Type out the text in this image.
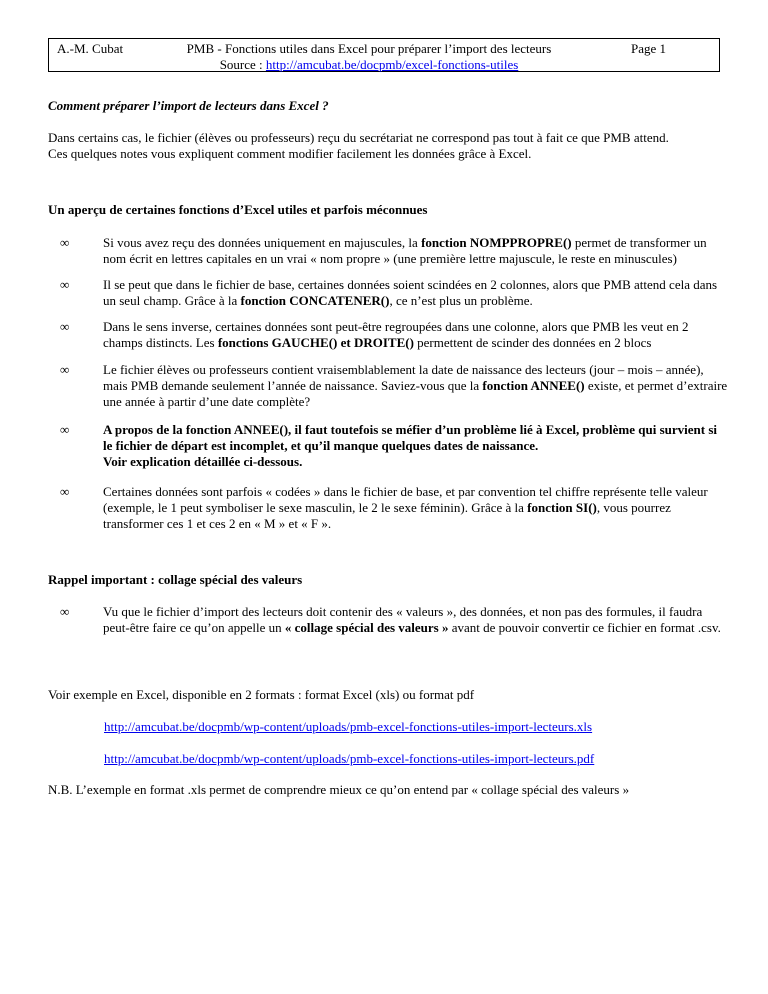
A.-M. Cubat	PMB - Fonctions utiles dans Excel pour préparer l’import des lecteurs
Source : http://amcubat.be/docpmb/excel-fonctions-utiles
Page 1
Comment préparer l’import de lecteurs dans Excel ?
Dans certains cas, le fichier (élèves ou professeurs) reçu du secrétariat ne correspond pas tout à fait ce que PMB attend.
Ces quelques notes vous expliquent comment modifier facilement les données grâce à Excel.
Un aperçu de certaines fonctions d’Excel utiles et parfois méconnues
∞	Si vous avez reçu des données uniquement en majuscules, la fonction NOMPPROPRE() permet de transformer un nom écrit en lettres capitales en un vrai « nom propre » (une première lettre majuscule, le reste en minuscules)
∞	Il se peut que dans le fichier de base, certaines données soient scindées en 2 colonnes, alors que PMB attend cela dans un seul champ. Grâce à la fonction CONCATENER(), ce n’est plus un problème.
∞	Dans le sens inverse, certaines données sont peut-être regroupées dans une colonne, alors que PMB les veut en 2 champs distincts. Les fonctions GAUCHE() et DROITE() permettent de scinder des données en 2 blocs
∞	Le fichier élèves ou professeurs contient vraisemblablement la date de naissance des lecteurs (jour – mois – année), mais PMB demande seulement l’année de naissance. Saviez-vous que la fonction ANNEE() existe, et permet d’extraire une année à partir d’une date complète?
∞	A propos de la fonction ANNEE(), il faut toutefois se méfier d’un problème lié à Excel, problème qui survient si le fichier de départ est incomplet, et qu’il manque quelques dates de naissance.
Voir explication détaillée ci-dessous.
∞	Certaines données sont parfois « codées » dans le fichier de base, et par convention tel chiffre représente telle valeur (exemple, le 1 peut symboliser le sexe masculin, le 2 le sexe féminin). Grâce à la fonction SI(), vous pourrez transformer ces 1 et ces 2 en « M » et « F ».
Rappel important : collage spécial des valeurs
∞	Vu que le fichier d’import des lecteurs doit contenir des « valeurs », des données, et non pas des formules, il faudra peut-être faire ce qu’on appelle un « collage spécial des valeurs » avant de pouvoir convertir ce fichier en format .csv.
Voir exemple en Excel, disponible en 2 formats : format Excel (xls) ou format pdf
http://amcubat.be/docpmb/wp-content/uploads/pmb-excel-fonctions-utiles-import-lecteurs.xls
http://amcubat.be/docpmb/wp-content/uploads/pmb-excel-fonctions-utiles-import-lecteurs.pdf
N.B. L’exemple en format .xls permet de comprendre mieux ce qu’on entend par « collage spécial des valeurs »
